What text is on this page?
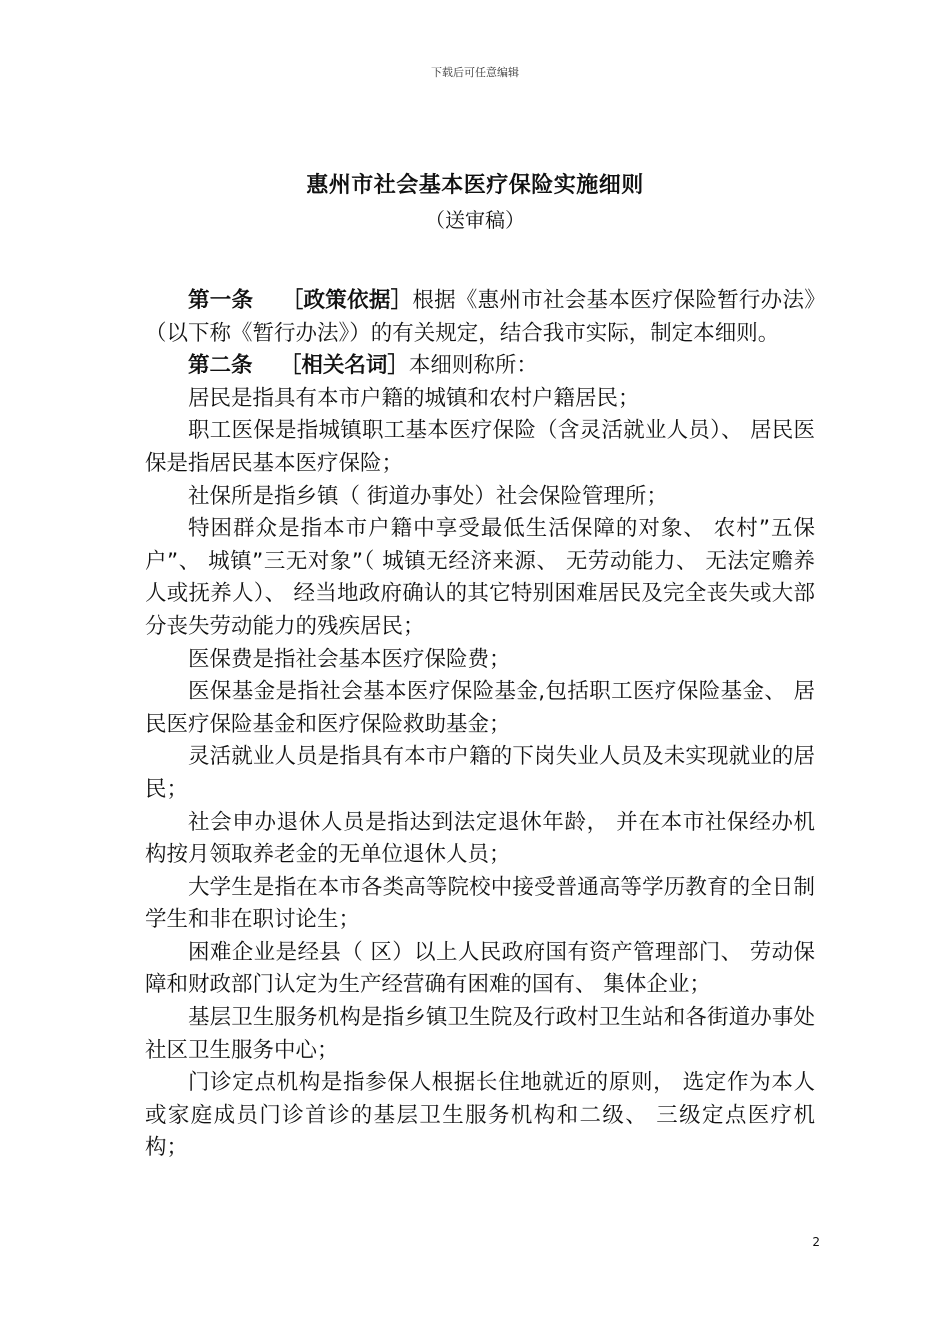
下载后可任意编辑
惠州市社会基本医疗保险实施细则
（送审稿）

第一条 ［政策依据］根据《惠州市社会基本医疗保险暂行办法》（以下称《暂行办法》）的有关规定，结合我市实际，制定本细则。

第二条 ［相关名词］本细则称所：

居民是指具有本市户籍的城镇和农村户籍居民；

职工医保是指城镇职工基本医疗保险（含灵活就业人员）、 居民医保是指居民基本医疗保险；

社保所是指乡镇（ 街道办事处）社会保险管理所；

特困群众是指本市户籍中享受最低生活保障的对象、 农村”五保户”、 城镇”三无对象”（ 城镇无经济来源、 无劳动能力、 无法定赡养人或抚养人）、 经当地政府确认的其它特别困难居民及完全丧失或大部分丧失劳动能力的残疾居民；

医保费是指社会基本医疗保险费；

医保基金是指社会基本医疗保险基金,包括职工医疗保险基金、 居民医疗保险基金和医疗保险救助基金；

灵活就业人员是指具有本市户籍的下岗失业人员及未实现就业的居民；

社会申办退休人员是指达到法定退休年龄， 并在本市社保经办机构按月领取养老金的无单位退休人员；

大学生是指在本市各类高等院校中接受普通高等学历教育的全日制学生和非在职讨论生；

困难企业是经县（ 区）以上人民政府国有资产管理部门、 劳动保障和财政部门认定为生产经营确有困难的国有、 集体企业；

基层卫生服务机构是指乡镇卫生院及行政村卫生站和各街道办事处社区卫生服务中心；

门诊定点机构是指参保人根据长住地就近的原则， 选定作为本人或家庭成员门诊首诊的基层卫生服务机构和二级、 三级定点医疗机构；

2
